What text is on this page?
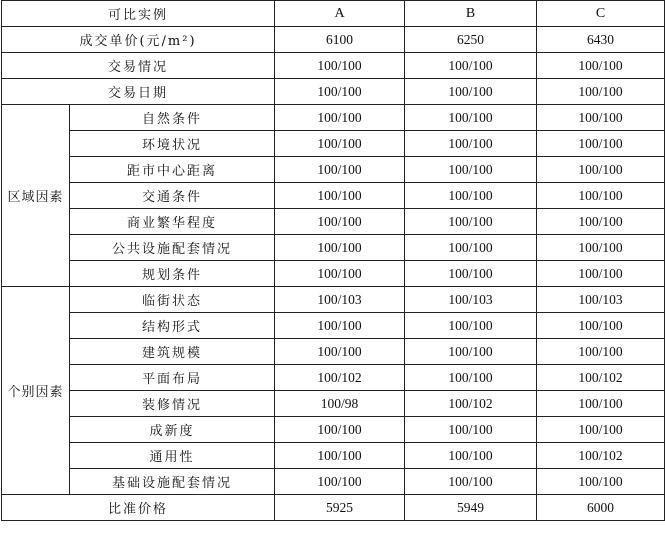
可比实例		A	B	C
成交单价(元/m²)		6100	6250	6430
交易情况		100/100	100/100	100/100
交易日期		100/100	100/100	100/100
区域因素	自然条件	100/100	100/100	100/100
	环境状况	100/100	100/100	100/100
	距市中心距离	100/100	100/100	100/100
	交通条件	100/100	100/100	100/100
	商业繁华程度	100/100	100/100	100/100
	公共设施配套情况	100/100	100/100	100/100
	规划条件	100/100	100/100	100/100
个别因素	临街状态	100/103	100/103	100/103
	结构形式	100/100	100/100	100/100
	建筑规模	100/100	100/100	100/100
	平面布局	100/102	100/100	100/102
	装修情况	100/98	100/102	100/100
	成新度	100/100	100/100	100/100
	通用性	100/100	100/100	100/102
	基础设施配套情况	100/100	100/100	100/100
比准价格		5925	5949	6000
